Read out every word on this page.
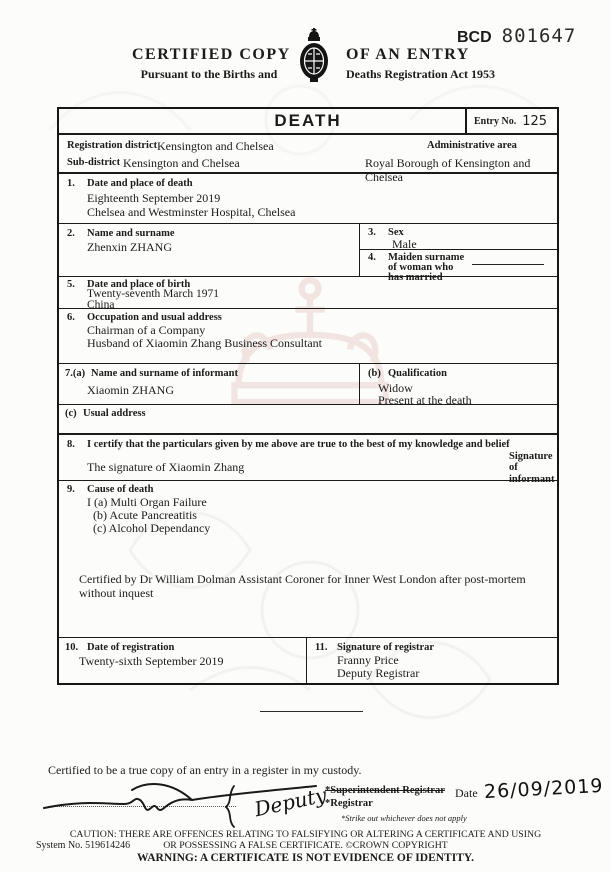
CERTIFIED COPY
Pursuant to the Births and
OF AN ENTRY
Deaths Registration Act 1953
BCD 801647
DEATH	Entry No. 125
Registration district Kensington and Chelsea	Administrative area
Sub-district Kensington and Chelsea	Royal Borough of Kensington and Chelsea
1. Date and place of death
Eighteenth September 2019
Chelsea and Westminster Hospital, Chelsea
2. Name and surname
Zhenxin ZHANG
3. Sex
Male
4. Maiden surname
of woman who
has married
5. Date and place of birth
Twenty-seventh March 1971
China
6. Occupation and usual address
Chairman of a Company
Husband of Xiaomin Zhang Business Consultant
7.(a) Name and surname of informant
Xiaomin ZHANG
(b) Qualification
Widow
Present at the death
(c) Usual address
8. I certify that the particulars given by me above are true to the best of my knowledge and belief
The signature of Xiaomin Zhang
Signature
of informant
9. Cause of death
I (a) Multi Organ Failure
(b) Acute Pancreatitis
(c) Alcohol Dependancy
Certified by Dr William Dolman Assistant Coroner for Inner West London after post-mortem without inquest
10. Date of registration
Twenty-sixth September 2019
11. Signature of registrar
Franny Price
Deputy Registrar
Certified to be a true copy of an entry in a register in my custody.
Deputy
*Superintendent Registrar
*Registrar
*Strike out whichever does not apply
Date 26/09/2019
CAUTION: THERE ARE OFFENCES RELATING TO FALSIFYING OR ALTERING A CERTIFICATE AND USING
OR POSSESSING A FALSE CERTIFICATE. ©CROWN COPYRIGHT
System No. 519614246
WARNING: A CERTIFICATE IS NOT EVIDENCE OF IDENTITY.
